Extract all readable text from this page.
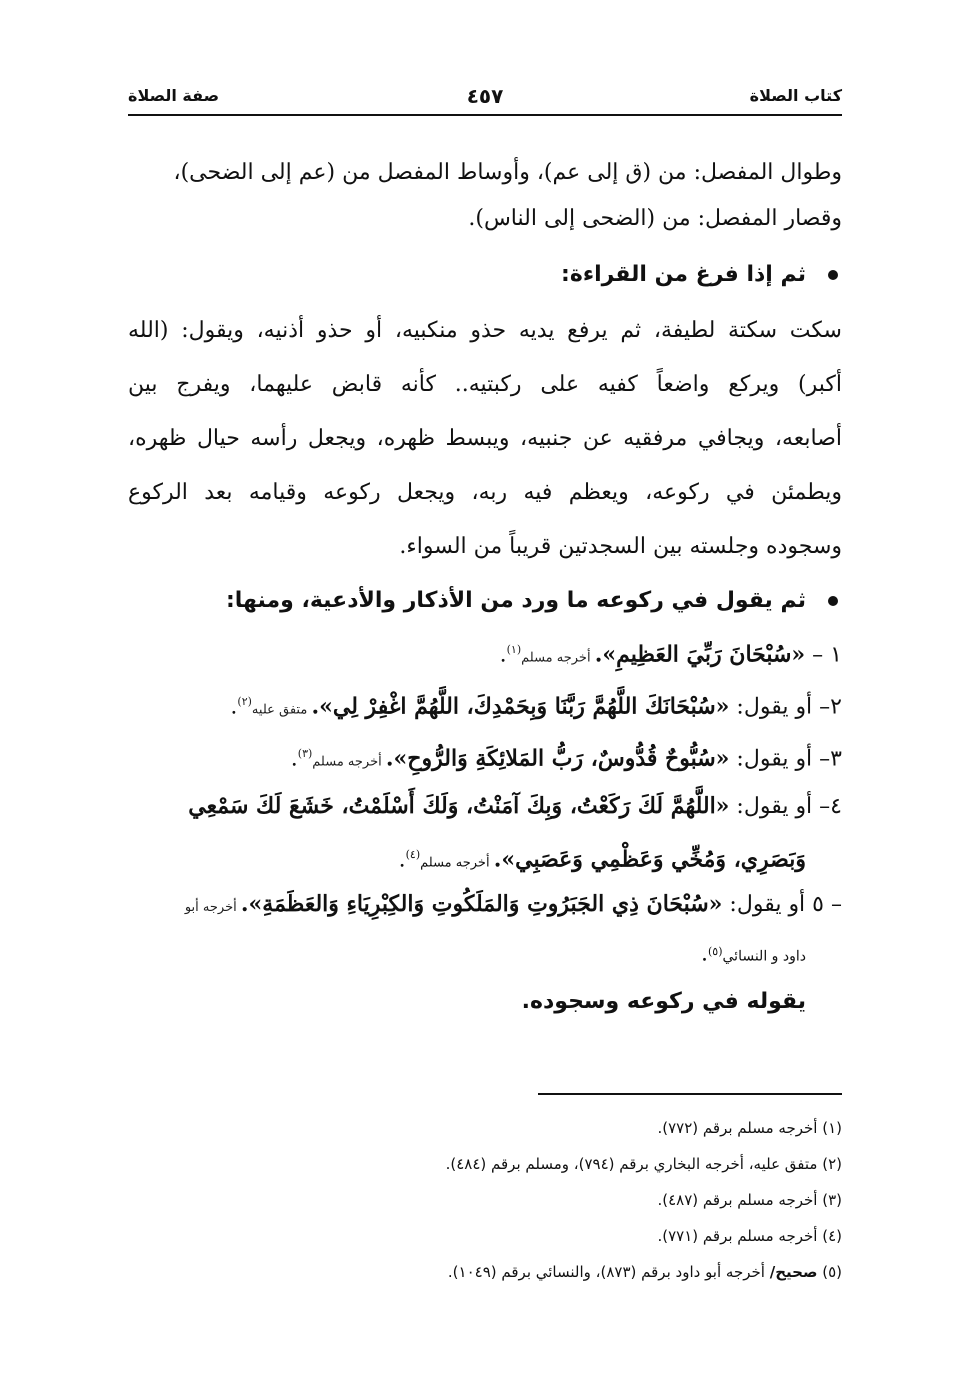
كتاب الصلاة
٤٥٧
صفة الصلاة
وطوال المفصل: من (ق إلى عم)، وأوساط المفصل من (عم إلى الضحى)،
وقصار المفصل: من (الضحى إلى الناس).
ثم إذا فرغ من القراءة:
سكت سكتة لطيفة، ثم يرفع يديه حذو منكبيه، أو حذو أذنيه، ويقول: (الله
أكبر) ويركع واضعاً كفيه على ركبتيه.. كأنه قابض عليهما، ويفرج بين
أصابعه، ويجافي مرفقيه عن جنبيه، ويبسط ظهره، ويجعل رأسه حيال ظهره،
ويطمئن في ركوعه، ويعظم فيه ربه، ويجعل ركوعه وقيامه بعد الركوع
وسجوده وجلسته بين السجدتين قريباً من السواء.
ثم يقول في ركوعه ما ورد من الأذكار والأدعية، ومنها:
١ – «سُبْحَانَ رَبِّيَ العَظِيمِ». أخرجه مسلم$^{(١)}$.
٢– أو يقول: «سُبْحَانَكَ اللَّهُمَّ رَبَّنَا وَبِحَمْدِكَ، اللَّهُمَّ اغْفِرْ لِي». متفق عليه$^{(٢)}$.
٣– أو يقول: «سُبُّوحٌ قُدُّوسٌ، رَبُّ المَلائِكَةِ وَالرُّوحِ». أخرجه مسلم$^{(٣)}$.
٤– أو يقول: «اللَّهُمَّ لَكَ رَكَعْتُ، وَبِكَ آمَنْتُ، وَلَكَ أَسْلَمْتُ، خَشَعَ لَكَ سَمْعِي
وَبَصَرِي، وَمُخِّي وَعَظْمِي وَعَصَبِي». أخرجه مسلم$^{(٤)}$.
– ٥ أو يقول: «سُبْحَانَ ذِي الجَبَرُوتِ وَالمَلَكُوتِ وَالكِبْرِيَاءِ وَالعَظَمَةِ». أخرجه أبو
داود و النسائي$^{(٥)}$.
يقوله في ركوعه وسجوده.
(١) أخرجه مسلم برقم (٧٧٢).
(٢) متفق عليه، أخرجه البخاري برقم (٧٩٤)، ومسلم برقم (٤٨٤).
(٣) أخرجه مسلم برقم (٤٨٧).
(٤) أخرجه مسلم برقم (٧٧١).
(٥) صحيح/ أخرجه أبو داود برقم (٨٧٣)، والنسائي برقم (١٠٤٩).
